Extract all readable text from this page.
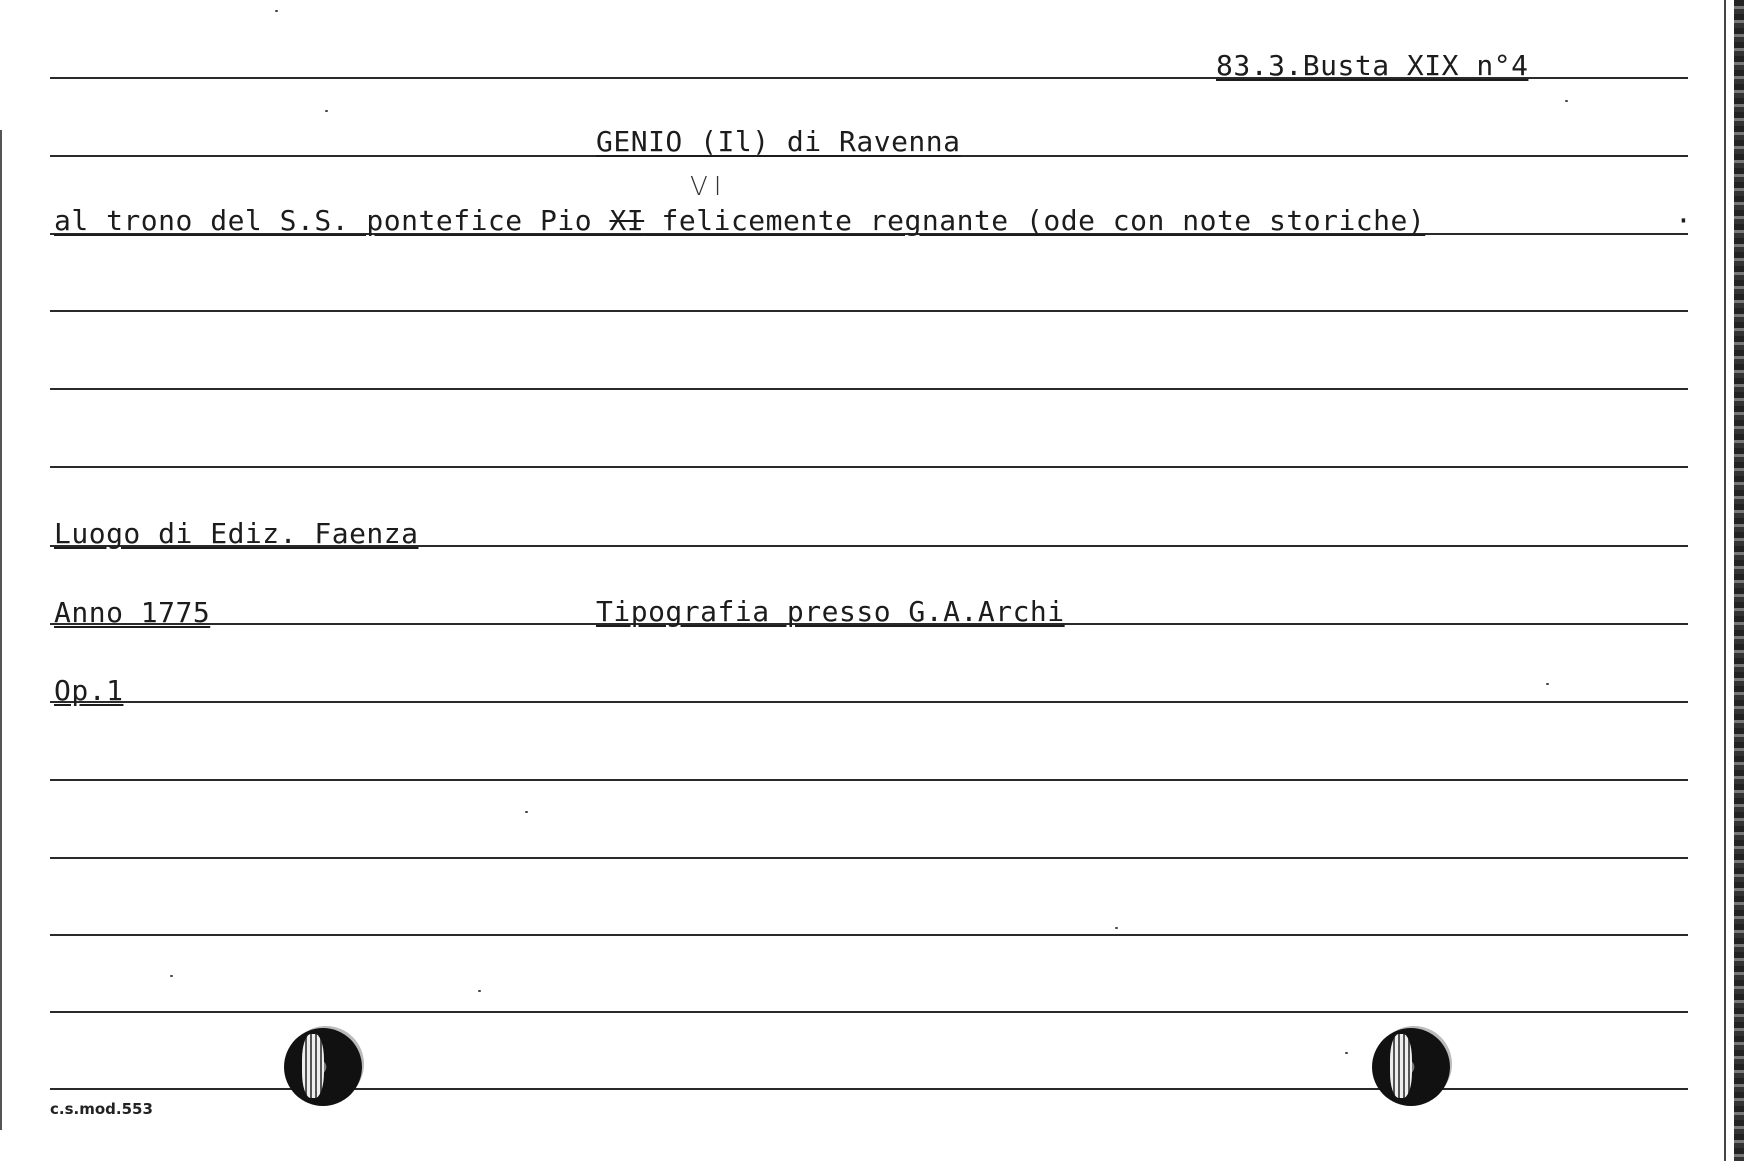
83.3.Busta XIX n°4
GENIO (Il) di Ravenna
VI
al trono del S.S. pontefice Pio XI felicemente regnante (ode con note storiche)	·
Luogo di Ediz. Faenza
Anno 1775	Tipografia presso G.A.Archi
Op.1
c.s.mod.553
